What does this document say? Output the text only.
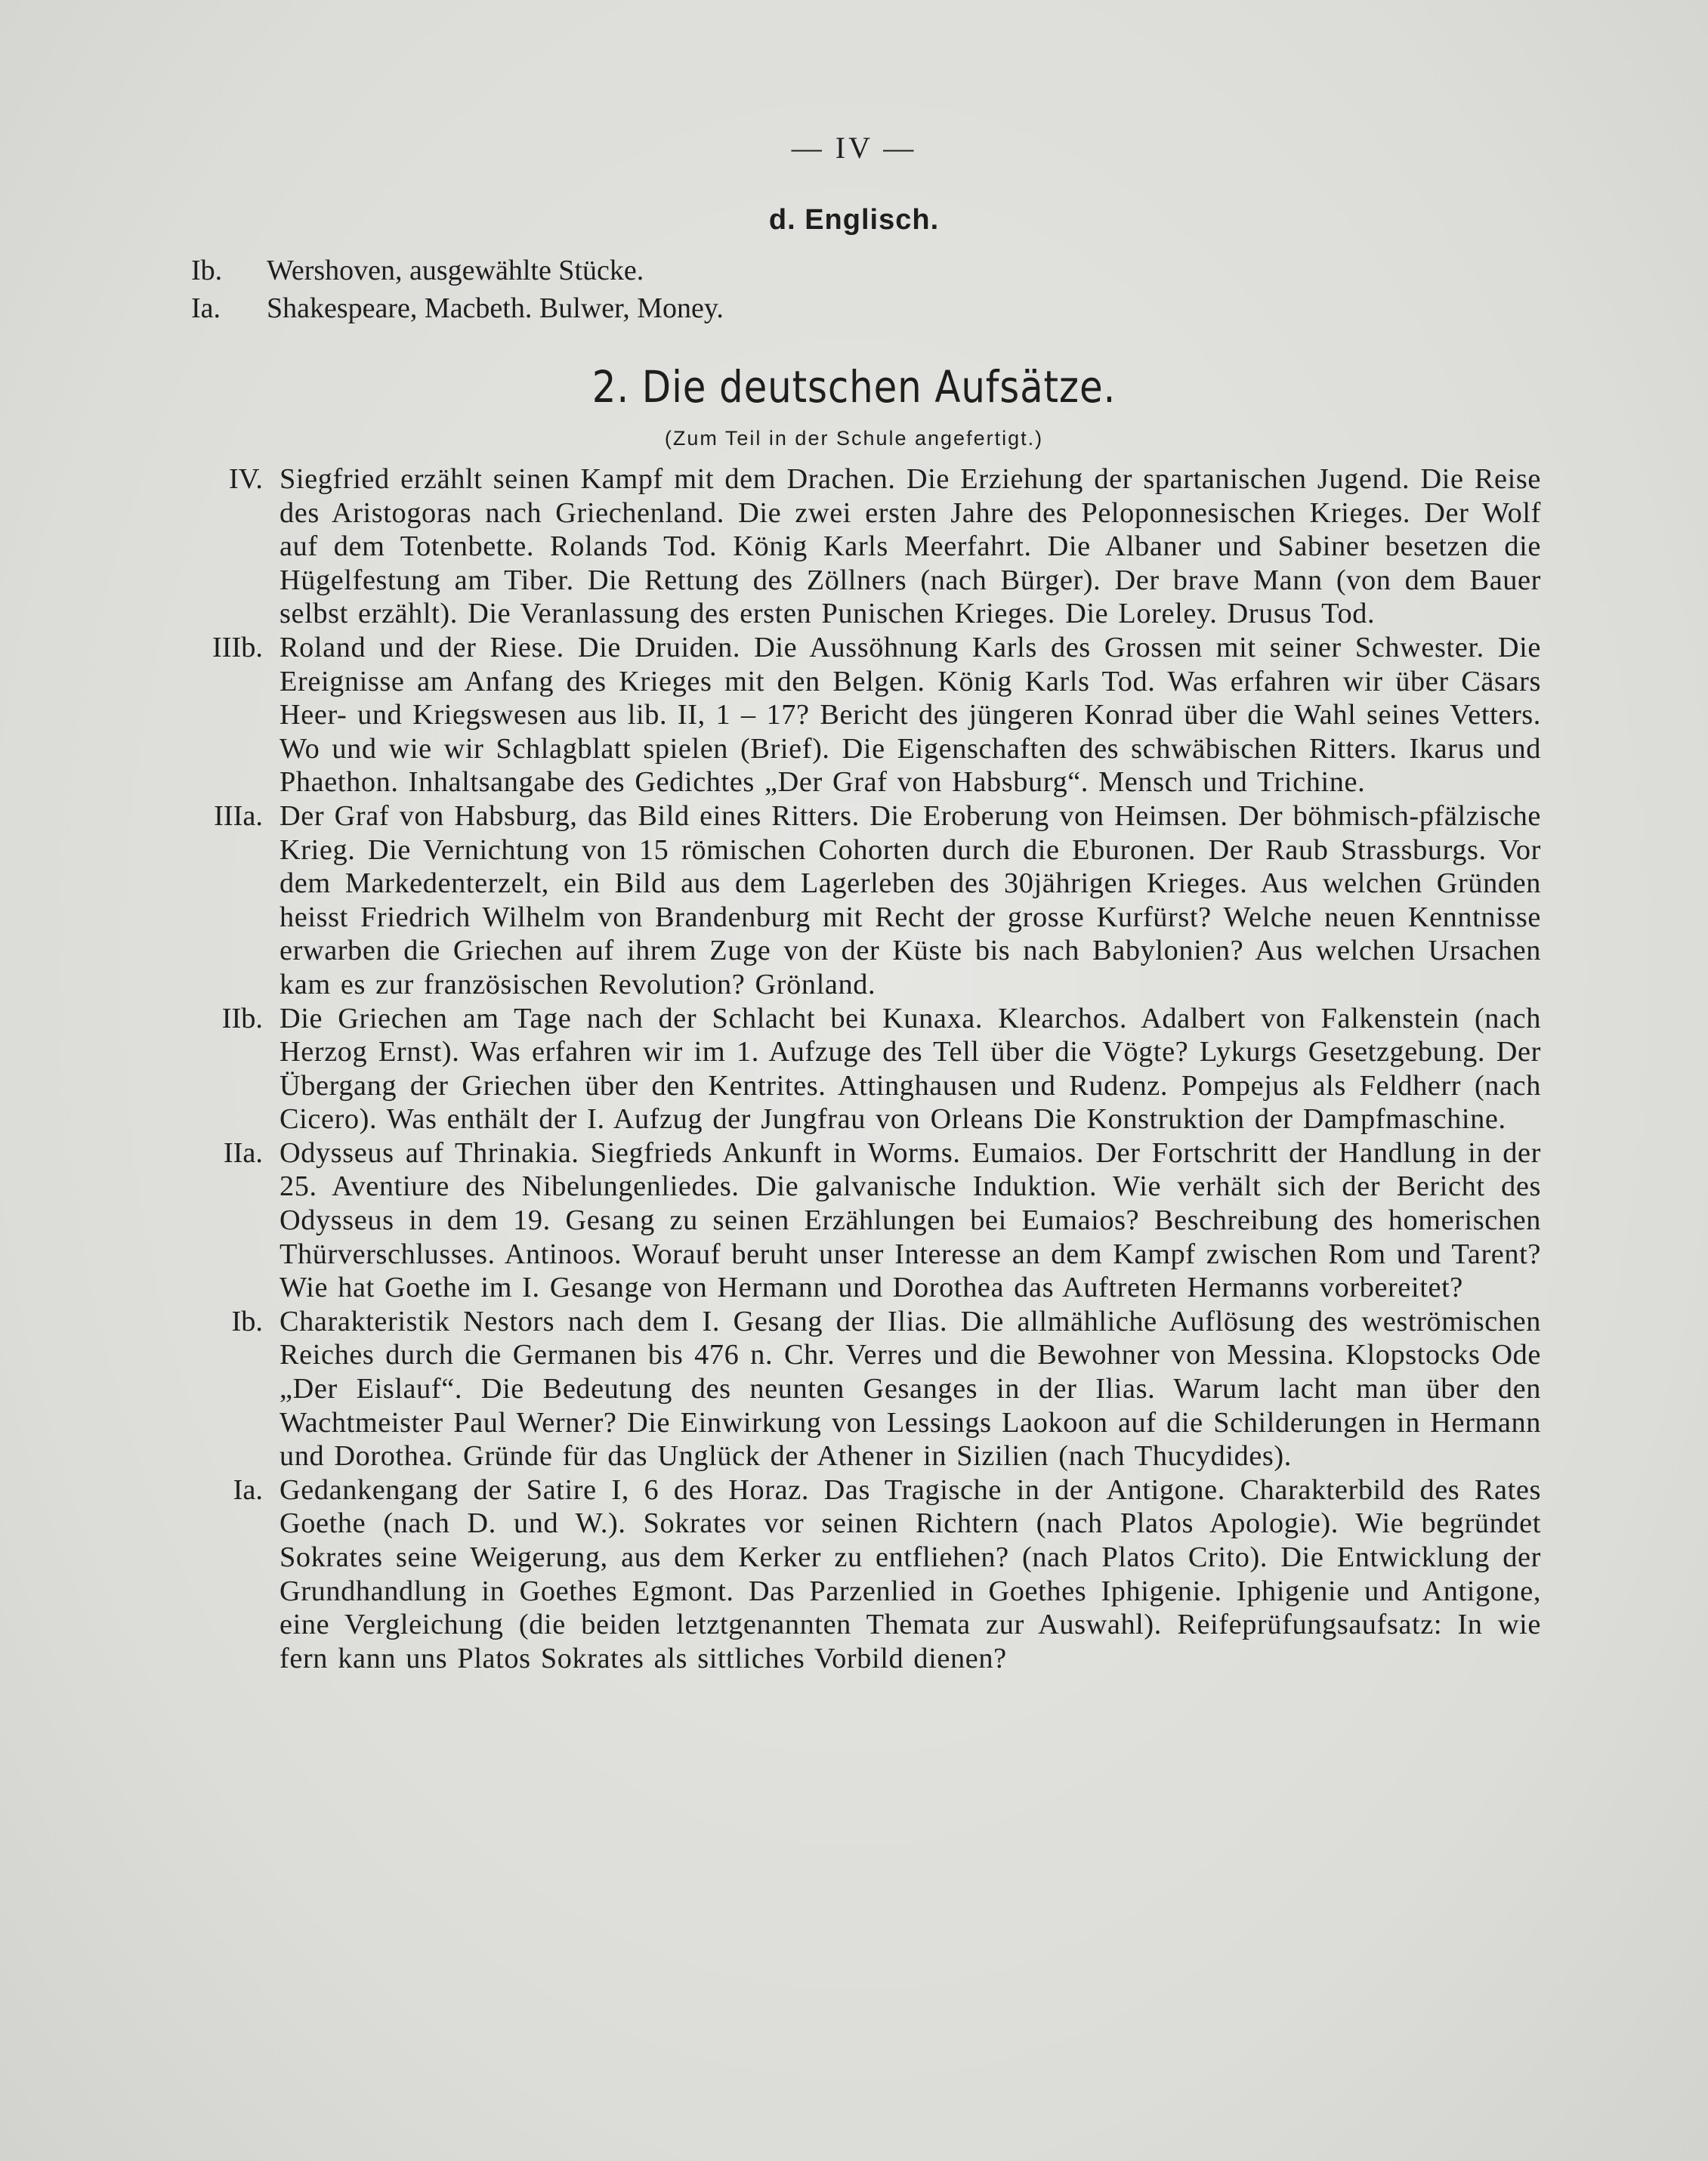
— IV —
d. Englisch.
Ib.	Wershoven, ausgewählte Stücke.
Ia.	Shakespeare, Macbeth. Bulwer, Money.
2. Die deutschen Aufsätze.
(Zum Teil in der Schule angefertigt.)
IV. Siegfried erzählt seinen Kampf mit dem Drachen. Die Erziehung der spartanischen Jugend. Die Reise des Aristogoras nach Griechenland. Die zwei ersten Jahre des Peloponnesischen Krieges. Der Wolf auf dem Totenbette. Rolands Tod. König Karls Meerfahrt. Die Albaner und Sabiner besetzen die Hügelfestung am Tiber. Die Rettung des Zöllners (nach Bürger). Der brave Mann (von dem Bauer selbst erzählt). Die Veranlassung des ersten Punischen Krieges. Die Loreley. Drusus Tod.
IIIb. Roland und der Riese. Die Druiden. Die Aussöhnung Karls des Grossen mit seiner Schwester. Die Ereignisse am Anfang des Krieges mit den Belgen. König Karls Tod. Was erfahren wir über Cäsars Heer- und Kriegswesen aus lib. II, 1 – 17? Bericht des jüngeren Konrad über die Wahl seines Vetters. Wo und wie wir Schlagblatt spielen (Brief). Die Eigenschaften des schwäbischen Ritters. Ikarus und Phaethon. Inhaltsangabe des Gedichtes „Der Graf von Habsburg“. Mensch und Trichine.
IIIa. Der Graf von Habsburg, das Bild eines Ritters. Die Eroberung von Heimsen. Der böhmisch-pfälzische Krieg. Die Vernichtung von 15 römischen Cohorten durch die Eburonen. Der Raub Strassburgs. Vor dem Markedenterzelt, ein Bild aus dem Lagerleben des 30jährigen Krieges. Aus welchen Gründen heisst Friedrich Wilhelm von Brandenburg mit Recht der grosse Kurfürst? Welche neuen Kenntnisse erwarben die Griechen auf ihrem Zuge von der Küste bis nach Babylonien? Aus welchen Ursachen kam es zur französischen Revolution? Grönland.
IIb. Die Griechen am Tage nach der Schlacht bei Kunaxa. Klearchos. Adalbert von Falkenstein (nach Herzog Ernst). Was erfahren wir im 1. Aufzuge des Tell über die Vögte? Lykurgs Gesetzgebung. Der Übergang der Griechen über den Kentrites. Attinghausen und Rudenz. Pompejus als Feldherr (nach Cicero). Was enthält der I. Aufzug der Jungfrau von Orleans Die Konstruktion der Dampfmaschine.
IIa. Odysseus auf Thrinakia. Siegfrieds Ankunft in Worms. Eumaios. Der Fortschritt der Handlung in der 25. Aventiure des Nibelungenliedes. Die galvanische Induktion. Wie verhält sich der Bericht des Odysseus in dem 19. Gesang zu seinen Erzählungen bei Eumaios? Beschreibung des homerischen Thürverschlusses. Antinoos. Worauf beruht unser Interesse an dem Kampf zwischen Rom und Tarent? Wie hat Goethe im I. Gesange von Hermann und Dorothea das Auftreten Hermanns vorbereitet?
Ib. Charakteristik Nestors nach dem I. Gesang der Ilias. Die allmähliche Auflösung des weströmischen Reiches durch die Germanen bis 476 n. Chr. Verres und die Bewohner von Messina. Klopstocks Ode „Der Eislauf“. Die Bedeutung des neunten Gesanges in der Ilias. Warum lacht man über den Wachtmeister Paul Werner? Die Einwirkung von Lessings Laokoon auf die Schilderungen in Hermann und Dorothea. Gründe für das Unglück der Athener in Sizilien (nach Thucydides).
Ia. Gedankengang der Satire I, 6 des Horaz. Das Tragische in der Antigone. Charakterbild des Rates Goethe (nach D. und W.). Sokrates vor seinen Richtern (nach Platos Apologie). Wie begründet Sokrates seine Weigerung, aus dem Kerker zu entfliehen? (nach Platos Crito). Die Entwicklung der Grundhandlung in Goethes Egmont. Das Parzenlied in Goethes Iphigenie. Iphigenie und Antigone, eine Vergleichung (die beiden letztgenannten Themata zur Auswahl). Reifeprüfungsaufsatz: In wie fern kann uns Platos Sokrates als sittliches Vorbild dienen?
